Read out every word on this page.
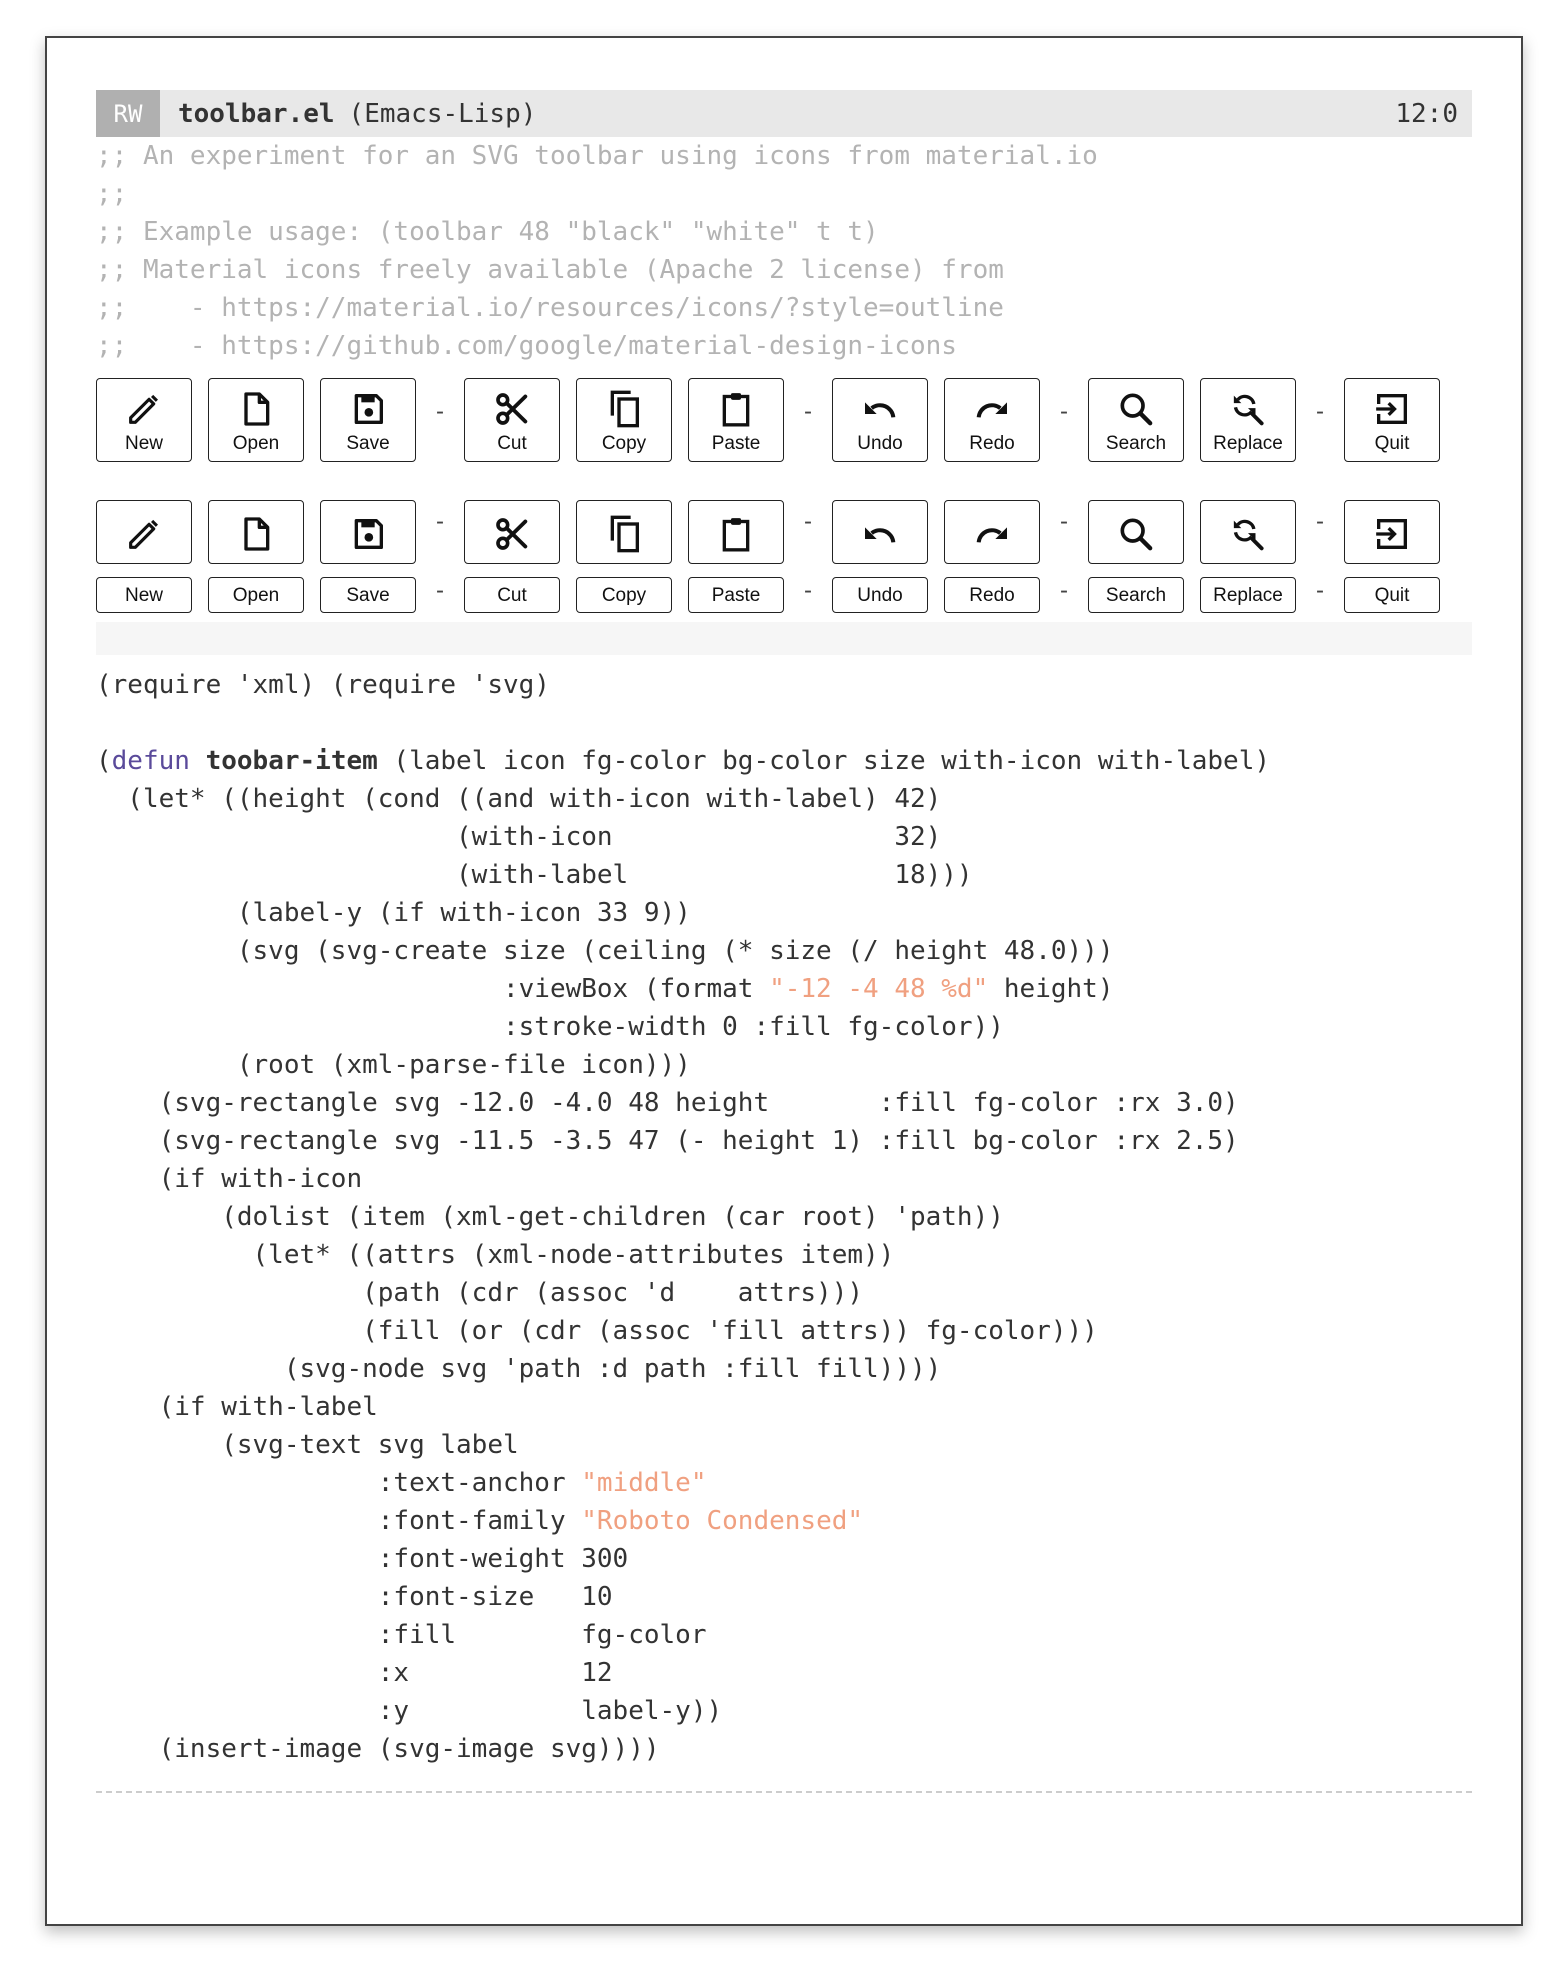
RW	toolbar.el (Emacs-Lisp)	12:0
;; An experiment for an SVG toolbar using icons from material.io
;;
;; Example usage: (toolbar 48 "black" "white" t t)
;; Material icons freely available (Apache 2 license) from
;;    - https://material.io/resources/icons/?style=outline
;;    - https://github.com/google/material-design-icons
New	Open	Save	Cut	Copy	Paste	Undo	Redo	Search	Replace	Quit
-	-	-	-
-	-	-	-
New	Open	Save	Cut	Copy	Paste	Undo	Redo	Search	Replace	Quit
-	-	-	-
(require 'xml) (require 'svg)

(defun toobar-item (label icon fg-color bg-color size with-icon with-label)
(let* ((height (cond ((and with-icon with-label) 42)
(with-icon                  32)
(with-label                 18)))
(label-y (if with-icon 33 9))
(svg (svg-create size (ceiling (* size (/ height 48.0)))
:viewBox (format "-12 -4 48 %d" height)
:stroke-width 0 :fill fg-color))
(root (xml-parse-file icon)))
(svg-rectangle svg -12.0 -4.0 48 height       :fill fg-color :rx 3.0)
(svg-rectangle svg -11.5 -3.5 47 (- height 1) :fill bg-color :rx 2.5)
(if with-icon
(dolist (item (xml-get-children (car root) 'path))
(let* ((attrs (xml-node-attributes item))
(path (cdr (assoc 'd    attrs)))
(fill (or (cdr (assoc 'fill attrs)) fg-color)))
(svg-node svg 'path :d path :fill fill))))
(if with-label
(svg-text svg label
:text-anchor "middle"
:font-family "Roboto Condensed"
:font-weight 300
:font-size   10
:fill        fg-color
:x           12
:y           label-y))
(insert-image (svg-image svg))))
